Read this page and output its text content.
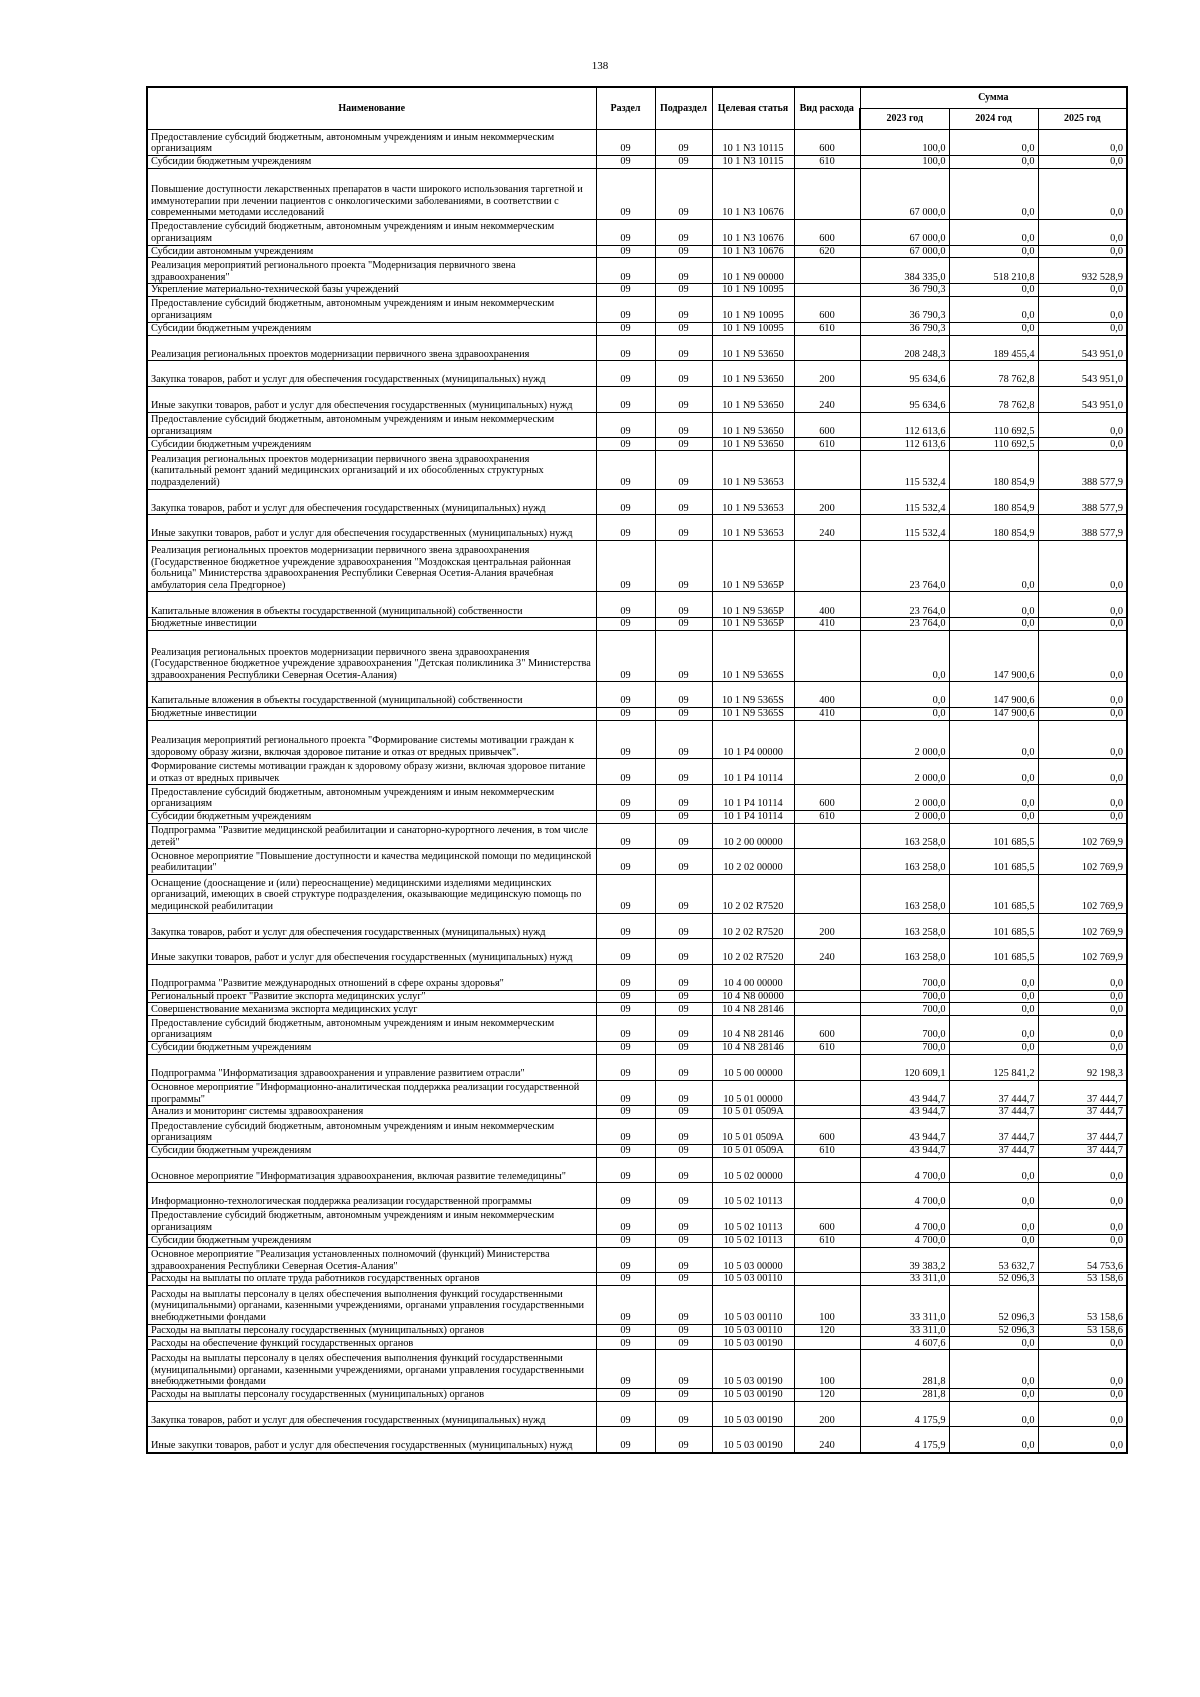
138
Наименование	Раздел	Подраздел	Целевая статья	Вид расхода	Сумма		
					2023 год	2024 год	2025 год
Предоставление субсидий бюджетным, автономным учреждениям и иным некоммерческим организациям	09	09	10 1 N3 10115	600	100,0	0,0	0,0
Субсидии бюджетным учреждениям	09	09	10 1 N3 10115	610	100,0	0,0	0,0
Повышение доступности лекарственных препаратов в части широкого использования таргетной и иммунотерапии при лечении пациентов с онкологическими заболеваниями, в соответствии с современными методами исследований	09	09	10 1 N3 10676		67 000,0	0,0	0,0
Предоставление субсидий бюджетным, автономным учреждениям и иным некоммерческим организациям	09	09	10 1 N3 10676	600	67 000,0	0,0	0,0
Субсидии автономным учреждениям	09	09	10 1 N3 10676	620	67 000,0	0,0	0,0
Реализация мероприятий регионального проекта "Модернизация первичного звена здравоохранения"	09	09	10 1 N9 00000		384 335,0	518 210,8	932 528,9
Укрепление материально-технической базы учреждений	09	09	10 1 N9 10095		36 790,3	0,0	0,0
Предоставление субсидий бюджетным, автономным учреждениям и иным некоммерческим организациям	09	09	10 1 N9 10095	600	36 790,3	0,0	0,0
Субсидии бюджетным учреждениям	09	09	10 1 N9 10095	610	36 790,3	0,0	0,0
Реализация региональных проектов модернизации первичного звена здравоохранения	09	09	10 1 N9 53650		208 248,3	189 455,4	543 951,0
Закупка товаров, работ и услуг для обеспечения государственных (муниципальных) нужд	09	09	10 1 N9 53650	200	95 634,6	78 762,8	543 951,0
Иные закупки товаров, работ и услуг для обеспечения государственных (муниципальных) нужд	09	09	10 1 N9 53650	240	95 634,6	78 762,8	543 951,0
Предоставление субсидий бюджетным, автономным учреждениям и иным некоммерческим организациям	09	09	10 1 N9 53650	600	112 613,6	110 692,5	0,0
Субсидии бюджетным учреждениям	09	09	10 1 N9 53650	610	112 613,6	110 692,5	0,0
Реализация региональных проектов модернизации первичного звена здравоохранения (капитальный ремонт зданий медицинских организаций и их обособленных структурных подразделений)	09	09	10 1 N9 53653		115 532,4	180 854,9	388 577,9
Закупка товаров, работ и услуг для обеспечения государственных (муниципальных) нужд	09	09	10 1 N9 53653	200	115 532,4	180 854,9	388 577,9
Иные закупки товаров, работ и услуг для обеспечения государственных (муниципальных) нужд	09	09	10 1 N9 53653	240	115 532,4	180 854,9	388 577,9
Реализация региональных проектов модернизации первичного звена здравоохранения (Государственное бюджетное учреждение здравоохранения "Моздокская центральная районная больница" Министерства здравоохранения Республики Северная Осетия-Алания врачебная амбулатория села Предгорное)	09	09	10 1 N9 5365P		23 764,0	0,0	0,0
Капитальные вложения в объекты государственной (муниципальной) собственности	09	09	10 1 N9 5365P	400	23 764,0	0,0	0,0
Бюджетные инвестиции	09	09	10 1 N9 5365P	410	23 764,0	0,0	0,0
Реализация региональных проектов модернизации первичного звена здравоохранения (Государственное бюджетное учреждение здравоохранения "Детская поликлиника 3" Министерства здравоохранения Республики Северная Осетия-Алания)	09	09	10 1 N9 5365S		0,0	147 900,6	0,0
Капитальные вложения в объекты государственной (муниципальной) собственности	09	09	10 1 N9 5365S	400	0,0	147 900,6	0,0
Бюджетные инвестиции	09	09	10 1 N9 5365S	410	0,0	147 900,6	0,0
Реализация мероприятий регионального проекта "Формирование системы мотивации граждан к здоровому образу жизни, включая здоровое питание и отказ от вредных привычек".	09	09	10 1 P4 00000		2 000,0	0,0	0,0
Формирование системы мотивации граждан к здоровому образу жизни, включая здоровое питание и отказ от вредных привычек	09	09	10 1 P4 10114		2 000,0	0,0	0,0
Предоставление субсидий бюджетным, автономным учреждениям и иным некоммерческим организациям	09	09	10 1 P4 10114	600	2 000,0	0,0	0,0
Субсидии бюджетным учреждениям	09	09	10 1 P4 10114	610	2 000,0	0,0	0,0
Подпрограмма "Развитие медицинской реабилитации и санаторно-курортного лечения, в том числе детей"	09	09	10 2 00 00000		163 258,0	101 685,5	102 769,9
Основное мероприятие "Повышение доступности и качества медицинской помощи по медицинской реабилитации"	09	09	10 2 02 00000		163 258,0	101 685,5	102 769,9
Оснащение (дооснащение и (или) переоснащение) медицинскими изделиями медицинских организаций, имеющих в своей структуре подразделения, оказывающие медицинскую помощь по медицинской реабилитации	09	09	10 2 02 R7520		163 258,0	101 685,5	102 769,9
Закупка товаров, работ и услуг для обеспечения государственных (муниципальных) нужд	09	09	10 2 02 R7520	200	163 258,0	101 685,5	102 769,9
Иные закупки товаров, работ и услуг для обеспечения государственных (муниципальных) нужд	09	09	10 2 02 R7520	240	163 258,0	101 685,5	102 769,9
Подпрограмма "Развитие международных отношений в сфере охраны здоровья"	09	09	10 4 00 00000		700,0	0,0	0,0
Региональный проект "Развитие экспорта медицинских услуг"	09	09	10 4 N8 00000		700,0	0,0	0,0
Совершенствование механизма экспорта медицинских услуг	09	09	10 4 N8 28146		700,0	0,0	0,0
Предоставление субсидий бюджетным, автономным учреждениям и иным некоммерческим организациям	09	09	10 4 N8 28146	600	700,0	0,0	0,0
Субсидии бюджетным учреждениям	09	09	10 4 N8 28146	610	700,0	0,0	0,0
Подпрограмма "Информатизация здравоохранения и управление развитием отрасли"	09	09	10 5 00 00000		120 609,1	125 841,2	92 198,3
Основное мероприятие "Информационно-аналитическая поддержка реализации государственной программы"	09	09	10 5 01 00000		43 944,7	37 444,7	37 444,7
Анализ и мониторинг системы здравоохранения	09	09	10 5 01 0509A		43 944,7	37 444,7	37 444,7
Предоставление субсидий бюджетным, автономным учреждениям и иным некоммерческим организациям	09	09	10 5 01 0509A	600	43 944,7	37 444,7	37 444,7
Субсидии бюджетным учреждениям	09	09	10 5 01 0509A	610	43 944,7	37 444,7	37 444,7
Основное мероприятие "Информатизация здравоохранения, включая развитие телемедицины"	09	09	10 5 02 00000		4 700,0	0,0	0,0
Информационно-технологическая поддержка реализации государственной программы	09	09	10 5 02 10113		4 700,0	0,0	0,0
Предоставление субсидий бюджетным, автономным учреждениям и иным некоммерческим организациям	09	09	10 5 02 10113	600	4 700,0	0,0	0,0
Субсидии бюджетным учреждениям	09	09	10 5 02 10113	610	4 700,0	0,0	0,0
Основное мероприятие "Реализация установленных полномочий (функций) Министерства здравоохранения Республики Северная Осетия-Алания"	09	09	10 5 03 00000		39 383,2	53 632,7	54 753,6
Расходы на выплаты по оплате труда работников государственных органов	09	09	10 5 03 00110		33 311,0	52 096,3	53 158,6
Расходы на выплаты персоналу в целях обеспечения выполнения функций государственными (муниципальными) органами, казенными учреждениями, органами управления государственными внебюджетными фондами	09	09	10 5 03 00110	100	33 311,0	52 096,3	53 158,6
Расходы на выплаты персоналу государственных (муниципальных) органов	09	09	10 5 03 00110	120	33 311,0	52 096,3	53 158,6
Расходы на обеспечение функций государственных органов	09	09	10 5 03 00190		4 607,6	0,0	0,0
Расходы на выплаты персоналу в целях обеспечения выполнения функций государственными (муниципальными) органами, казенными учреждениями, органами управления государственными внебюджетными фондами	09	09	10 5 03 00190	100	281,8	0,0	0,0
Расходы на выплаты персоналу государственных (муниципальных) органов	09	09	10 5 03 00190	120	281,8	0,0	0,0
Закупка товаров, работ и услуг для обеспечения государственных (муниципальных) нужд	09	09	10 5 03 00190	200	4 175,9	0,0	0,0
Иные закупки товаров, работ и услуг для обеспечения государственных (муниципальных) нужд	09	09	10 5 03 00190	240	4 175,9	0,0	0,0
